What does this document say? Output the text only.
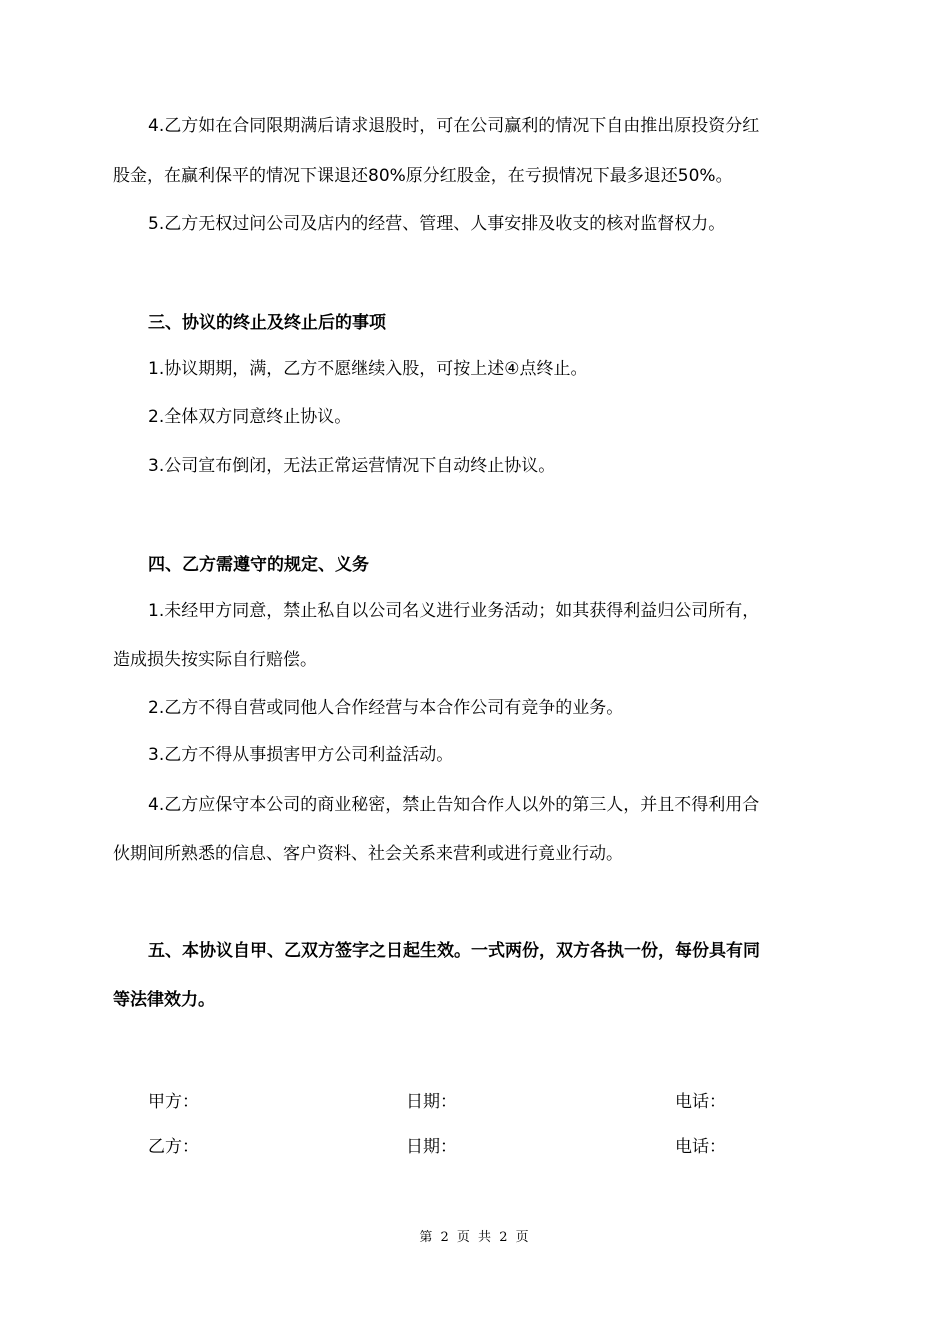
4.乙方如在合同限期满后请求退股时，可在公司赢利的情况下自由推出原投资分红
股金，在赢利保平的情况下课退还80%原分红股金，在亏损情况下最多退还50%。
5.乙方无权过问公司及店内的经营、管理、人事安排及收支的核对监督权力。
三、协议的终止及终止后的事项
1.协议期期，满，乙方不愿继续入股，可按上述④点终止。
2.全体双方同意终止协议。
3.公司宣布倒闭，无法正常运营情况下自动终止协议。
四、乙方需遵守的规定、义务
1.未经甲方同意，禁止私自以公司名义进行业务活动；如其获得利益归公司所有，
造成损失按实际自行赔偿。
2.乙方不得自营或同他人合作经营与本合作公司有竞争的业务。
3.乙方不得从事损害甲方公司利益活动。
4.乙方应保守本公司的商业秘密，禁止告知合作人以外的第三人，并且不得利用合
伙期间所熟悉的信息、客户资料、社会关系来营利或进行竟业行动。
五、本协议自甲、乙双方签字之日起生效。一式两份，双方各执一份，每份具有同
等法律效力。
甲方：	日期：	电话：
乙方：	日期：	电话：
第 2 页 共 2 页
